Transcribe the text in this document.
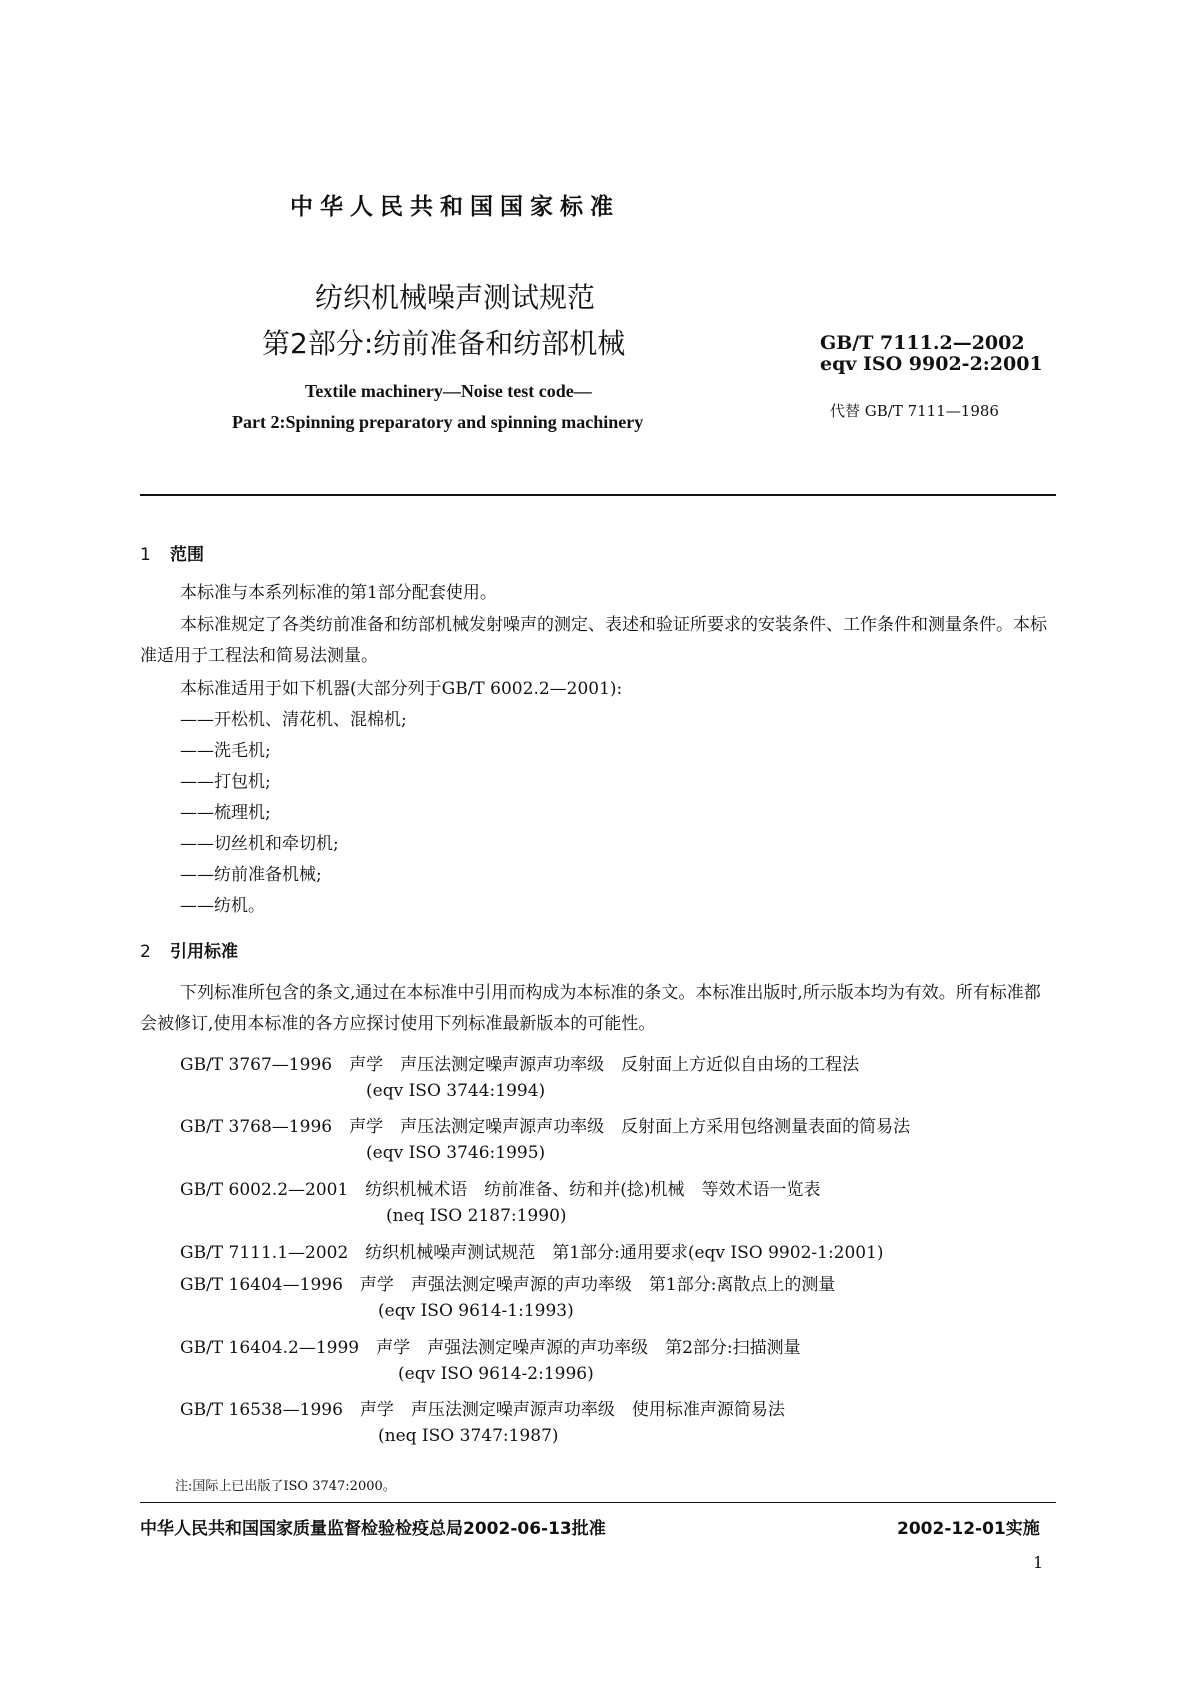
中华人民共和国国家标准
纺织机械噪声测试规范
第2部分:纺前准备和纺部机械	GB/T 7111.2—2002
eqv ISO 9902-2:2001
代替 GB/T 7111—1986
Textile machinery—Noise test code—
Part 2:Spinning preparatory and spinning machinery
1 范围
本标准与本系列标准的第1部分配套使用。
本标准规定了各类纺前准备和纺部机械发射噪声的测定、表述和验证所要求的安装条件、工作条件和测量条件。本标准适用于工程法和简易法测量。
本标准适用于如下机器(大部分列于GB/T 6002.2—2001):
——开松机、清花机、混棉机;
——洗毛机;
——打包机;
——梳理机;
——切丝机和牵切机;
——纺前准备机械;
——纺机。
2 引用标准
下列标准所包含的条文,通过在本标准中引用而构成为本标准的条文。本标准出版时,所示版本均为有效。所有标准都会被修订,使用本标准的各方应探讨使用下列标准最新版本的可能性。
GB/T 3767—1996　声学　声压法测定噪声源声功率级　反射面上方近似自由场的工程法
(eqv ISO 3744:1994)
GB/T 3768—1996　声学　声压法测定噪声源声功率级　反射面上方采用包络测量表面的简易法
(eqv ISO 3746:1995)
GB/T 6002.2—2001　纺织机械术语　纺前准备、纺和并(捻)机械　等效术语一览表
(neq ISO 2187:1990)
GB/T 7111.1—2002　纺织机械噪声测试规范　第1部分:通用要求(eqv ISO 9902-1:2001)
GB/T 16404—1996　声学　声强法测定噪声源的声功率级　第1部分:离散点上的测量
(eqv ISO 9614-1:1993)
GB/T 16404.2—1999　声学　声强法测定噪声源的声功率级　第2部分:扫描测量
(eqv ISO 9614-2:1996)
GB/T 16538—1996　声学　声压法测定噪声源声功率级　使用标准声源简易法
(neq ISO 3747:1987)
注:国际上已出版了ISO 3747:2000。
中华人民共和国国家质量监督检验检疫总局2002-06-13批准	2002-12-01实施
1
